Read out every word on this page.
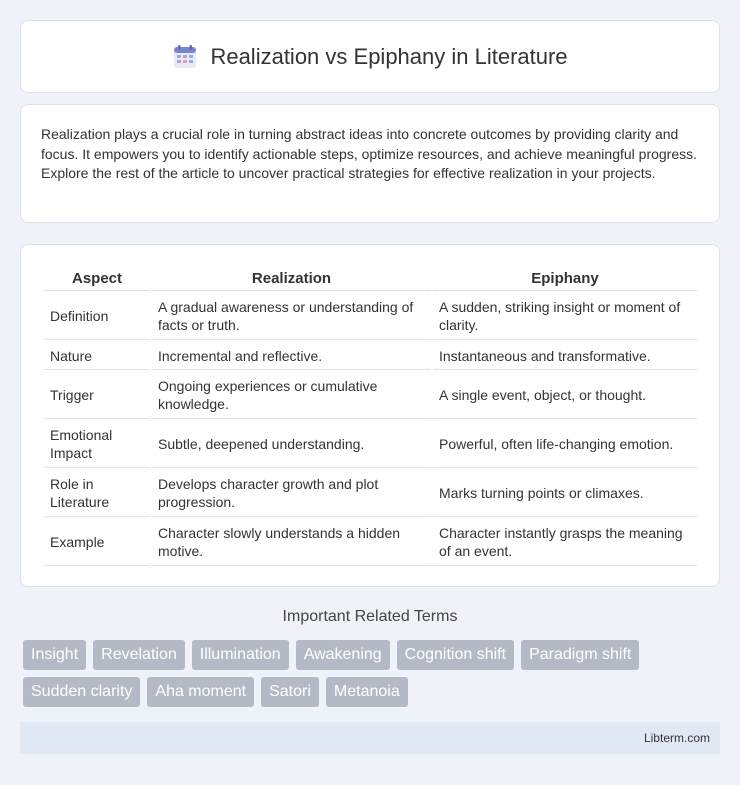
Realization vs Epiphany in Literature

Realization plays a crucial role in turning abstract ideas into concrete outcomes by providing clarity and focus. It empowers you to identify actionable steps, optimize resources, and achieve meaningful progress. Explore the rest of the article to uncover practical strategies for effective realization in your projects.

Aspect	Realization	Epiphany
Definition	A gradual awareness or understanding of facts or truth.	A sudden, striking insight or moment of clarity.
Nature	Incremental and reflective.	Instantaneous and transformative.
Trigger	Ongoing experiences or cumulative knowledge.	A single event, object, or thought.
Emotional Impact	Subtle, deepened understanding.	Powerful, often life-changing emotion.
Role in Literature	Develops character growth and plot progression.	Marks turning points or climaxes.
Example	Character slowly understands a hidden motive.	Character instantly grasps the meaning of an event.
Important Related Terms
Insight	Revelation	Illumination	Awakening	Cognition shift	Paradigm shift
Sudden clarity	Aha moment	Satori	Metanoia
Libterm.com
